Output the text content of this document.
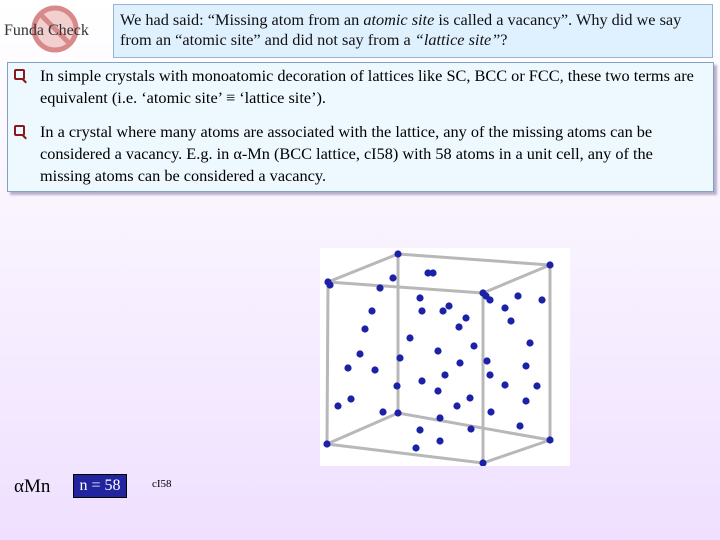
Funda Check
We had said: “Missing atom from an atomic site is called a vacancy”. Why did we say from an “atomic site” and did not say from a “lattice site”?
In simple crystals with monoatomic decoration of lattices like SC, BCC or FCC, these two terms are equivalent (i.e. ‘atomic site’ ≡ ‘lattice site’).
In a crystal where many atoms are associated with the lattice, any of the missing atoms can be considered a vacancy. E.g. in α-Mn (BCC lattice, cI58) with 58 atoms in a unit cell, any of the missing atoms can be considered a vacancy.
αMn	n = 58	cI58
